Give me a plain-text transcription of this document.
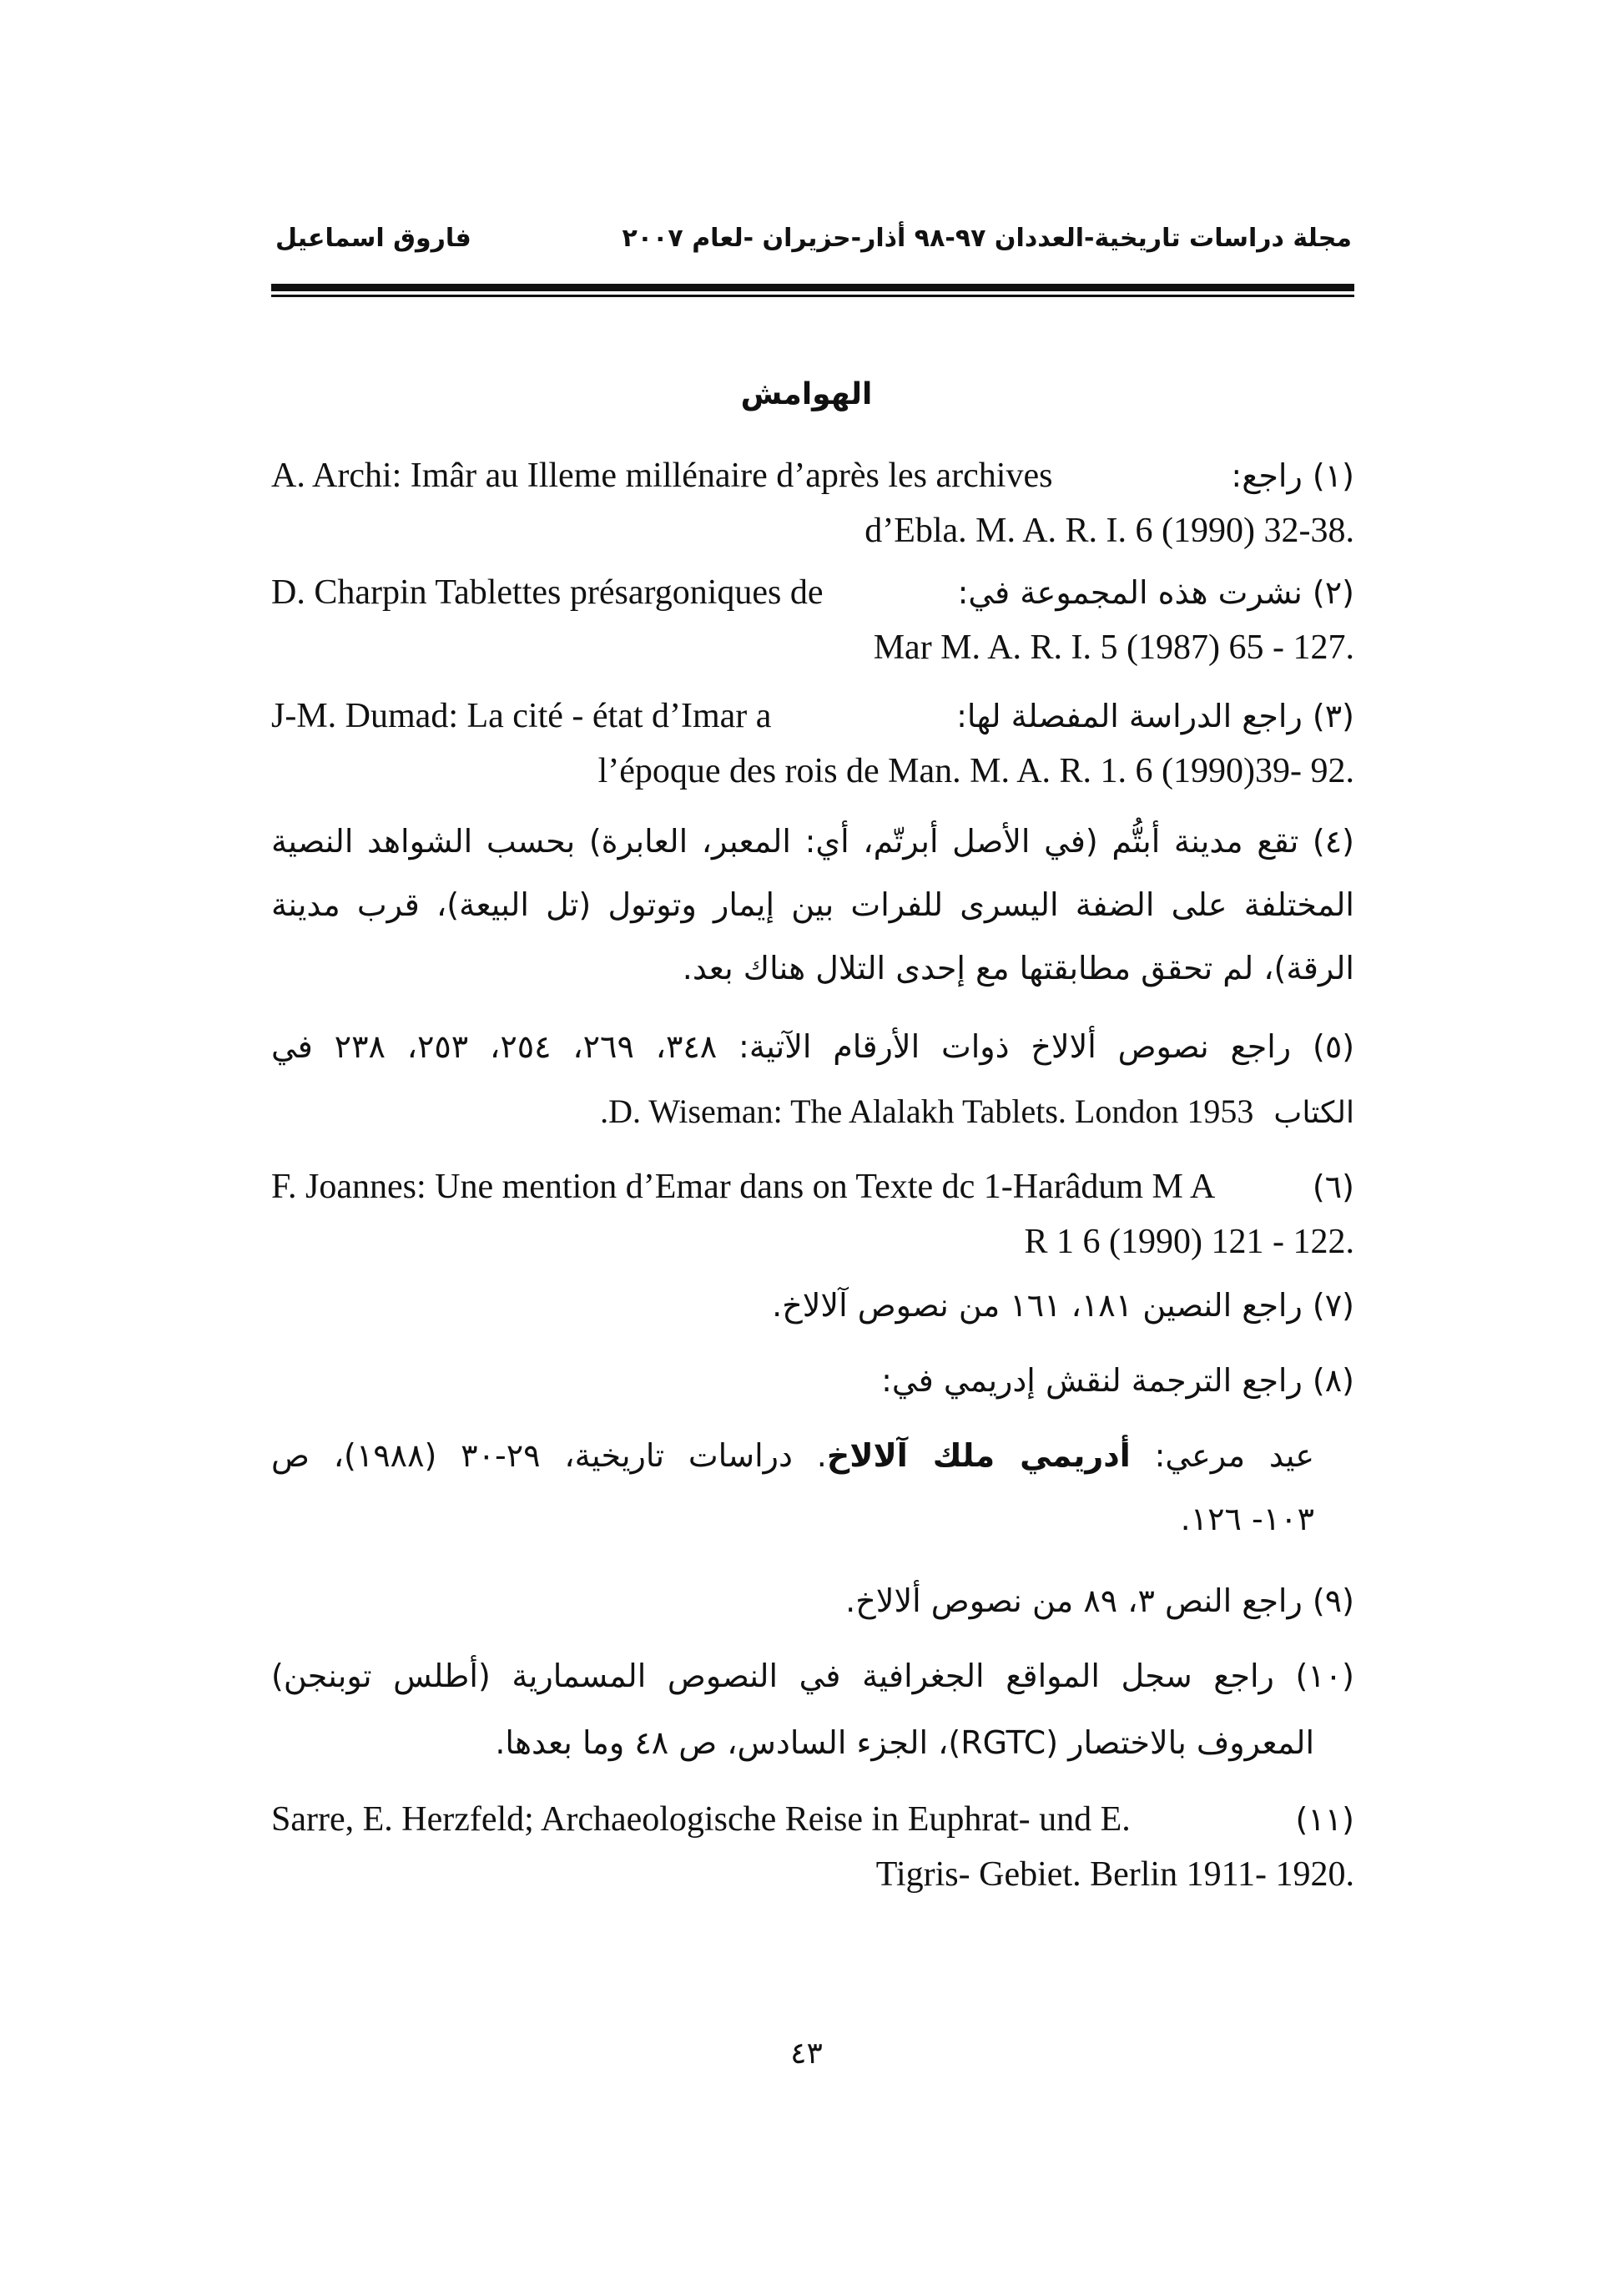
مجلة دراسات تاريخية-العددان ٩٧-٩٨ أذار-حزيران -لعام ٢٠٠٧
فاروق اسماعيل
الهوامش
(١) راجع:
A. Archi: Imâr au Illeme millénaire d’après les archives
d’Ebla. M. A. R. I. 6 (1990) 32-38.
(٢) نشرت هذه المجموعة في:
D. Charpin Tablettes présargoniques de
Mar M. A. R. I. 5 (1987) 65 - 127.
(٣) راجع الدراسة المفصلة لها:
J-M. Dumad: La cité - état d’Imar a
l’époque des rois de Man. M. A. R. 1. 6 (1990)39- 92.
(٤) تقع مدينة أبتُّم (في الأصل أبرتّم، أي: المعبر، العابرة) بحسب الشواهد النصية
المختلفة على الضفة اليسرى للفرات بين إيمار وتوتول (تل البيعة)، قرب مدينة
الرقة)، لم تحقق مطابقتها مع إحدى التلال هناك بعد.
(٥) راجع نصوص ألالاخ ذوات الأرقام الآتية: ٣٤٨، ٢٦٩، ٢٥٤، ٢٥٣، ٢٣٨ في
الكتاب D. Wiseman: The Alalakh Tablets. London 1953.
(٦)
F. Joannes: Une mention d’Emar dans on Texte dc 1-Harâdum M A
R 1 6 (1990) 121 - 122.
(٧) راجع النصين ١٨١، ١٦١ من نصوص آلالاخ.
(٨) راجع الترجمة لنقش إدريمي في:
عيد مرعي: أدريمي ملك آلالاخ. دراسات تاريخية، ٢٩-٣٠ (١٩٨٨)، ص
١٠٣- ١٢٦.
(٩) راجع النص ٣، ٨٩ من نصوص ألالاخ.
(١٠) راجع سجل المواقع الجغرافية في النصوص المسمارية (أطلس توبنجن)
المعروف بالاختصار (RGTC)، الجزء السادس، ص ٤٨ وما بعدها.
(١١)
Sarre, E. Herzfeld; Archaeologische Reise in Euphrat- und E.
Tigris- Gebiet. Berlin 1911- 1920.
٤٣
